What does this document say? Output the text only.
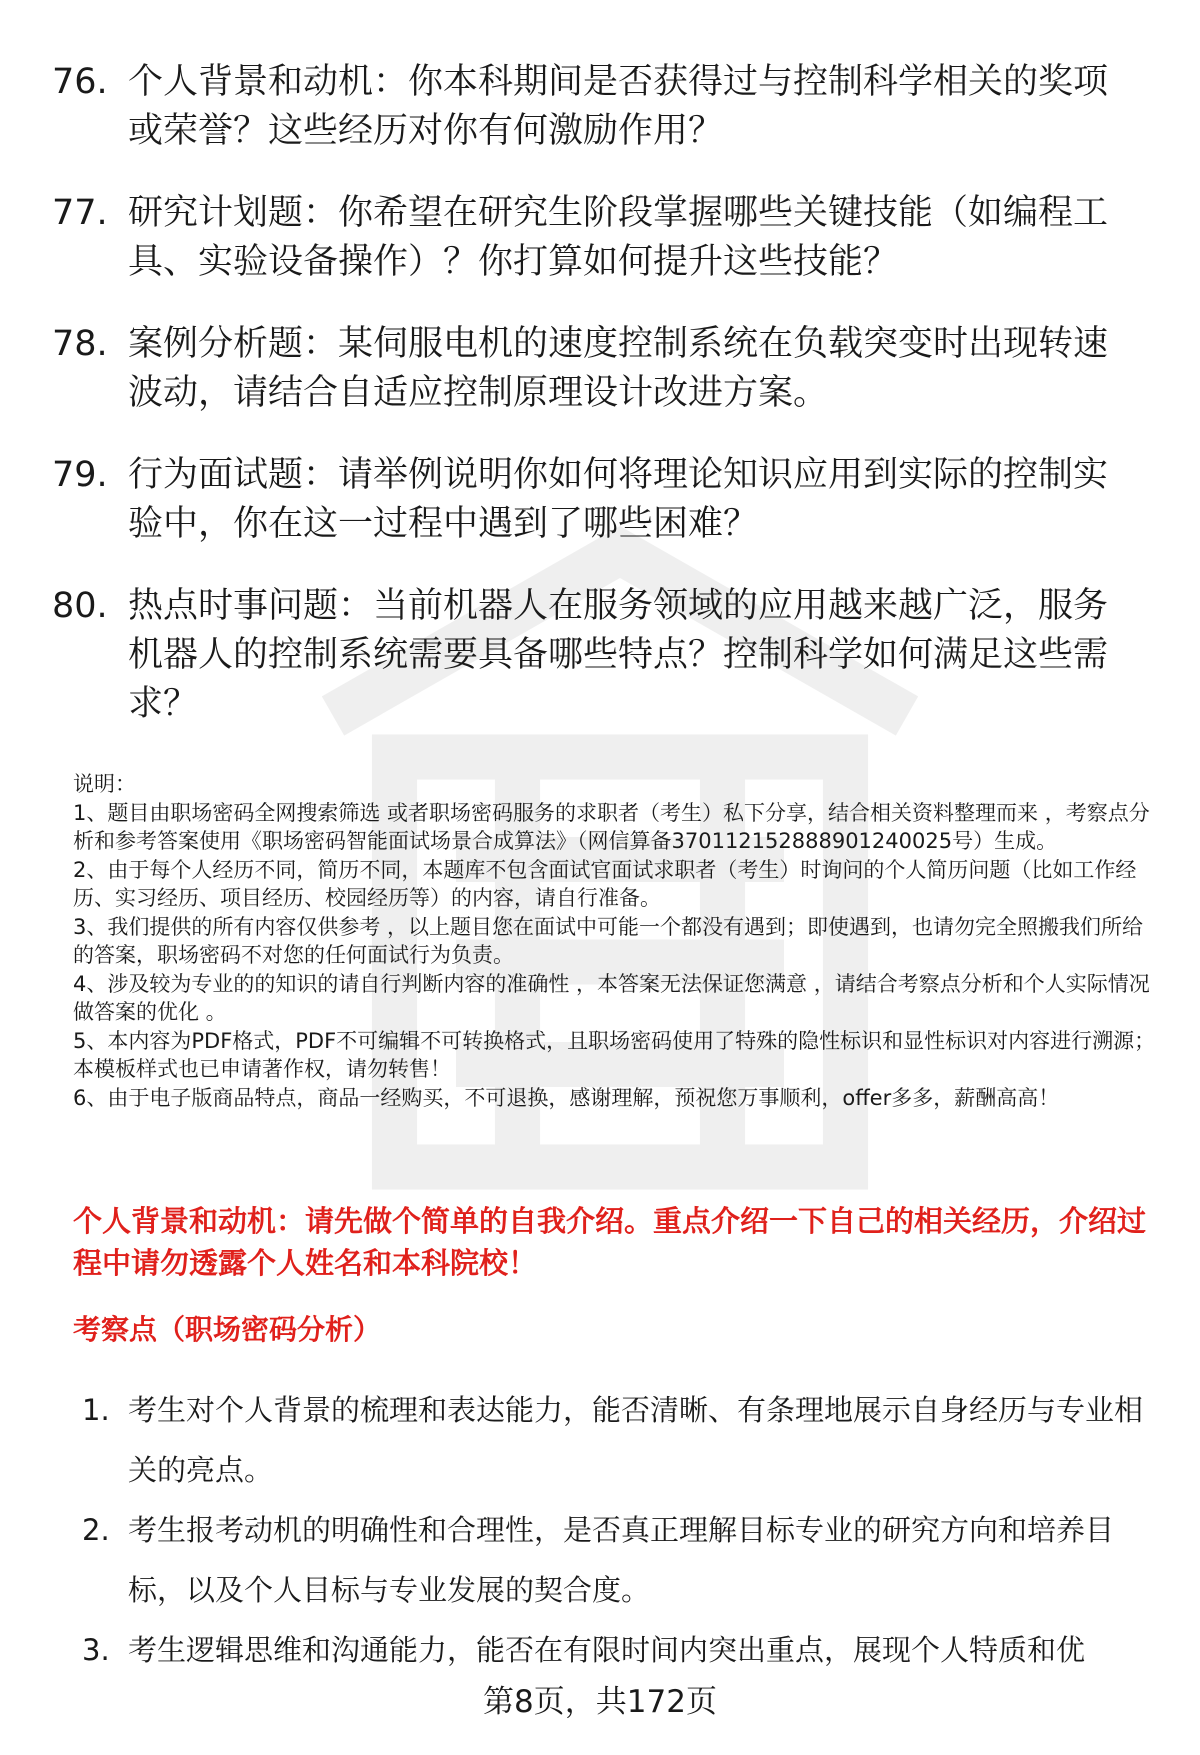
76. 个人背景和动机：你本科期间是否获得过与控制科学相关的奖项或荣誉？这些经历对你有何激励作用？
77. 研究计划题：你希望在研究生阶段掌握哪些关键技能（如编程工具、实验设备操作）？你打算如何提升这些技能？
78. 案例分析题：某伺服电机的速度控制系统在负载突变时出现转速波动，请结合自适应控制原理设计改进方案。
79. 行为面试题：请举例说明你如何将理论知识应用到实际的控制实验中，你在这一过程中遇到了哪些困难？
80. 热点时事问题：当前机器人在服务领域的应用越来越广泛，服务机器人的控制系统需要具备哪些特点？控制科学如何满足这些需求？

说明：

1、题目由职场密码全网搜索筛选 或者职场密码服务的求职者（考生）私下分享，结合相关资料整理而来 ，考察点分析和参考答案使用《职场密码智能面试场景合成算法》（网信算备370112152888901240025号）生成。

2、由于每个人经历不同，简历不同，本题库不包含面试官面试求职者（考生）时询问的个人简历问题（比如工作经历、实习经历、项目经历、校园经历等）的内容，请自行准备。

3、我们提供的所有内容仅供参考 ，以上题目您在面试中可能一个都没有遇到；即使遇到，也请勿完全照搬我们所给的答案，职场密码不对您的任何面试行为负责。

4、涉及较为专业的的知识的请自行判断内容的准确性 ，本答案无法保证您满意 ，请结合考察点分析和个人实际情况做答案的优化 。

5、本内容为PDF格式，PDF不可编辑不可转换格式，且职场密码使用了特殊的隐性标识和显性标识对内容进行溯源；本模板样式也已申请著作权，请勿转售！

6、由于电子版商品特点，商品一经购买，不可退换，感谢理解，预祝您万事顺利，offer多多，薪酬高高！

个人背景和动机：请先做个简单的自我介绍。重点介绍一下自己的相关经历，介绍过程中请勿透露个人姓名和本科院校！
考察点（职场密码分析）
1. 考生对个人背景的梳理和表达能力，能否清晰、有条理地展示自身经历与专业相关的亮点。
2. 考生报考动机的明确性和合理性，是否真正理解目标专业的研究方向和培养目标，以及个人目标与专业发展的契合度。
3. 考生逻辑思维和沟通能力，能否在有限时间内突出重点，展现个人特质和优
第8页，共172页
